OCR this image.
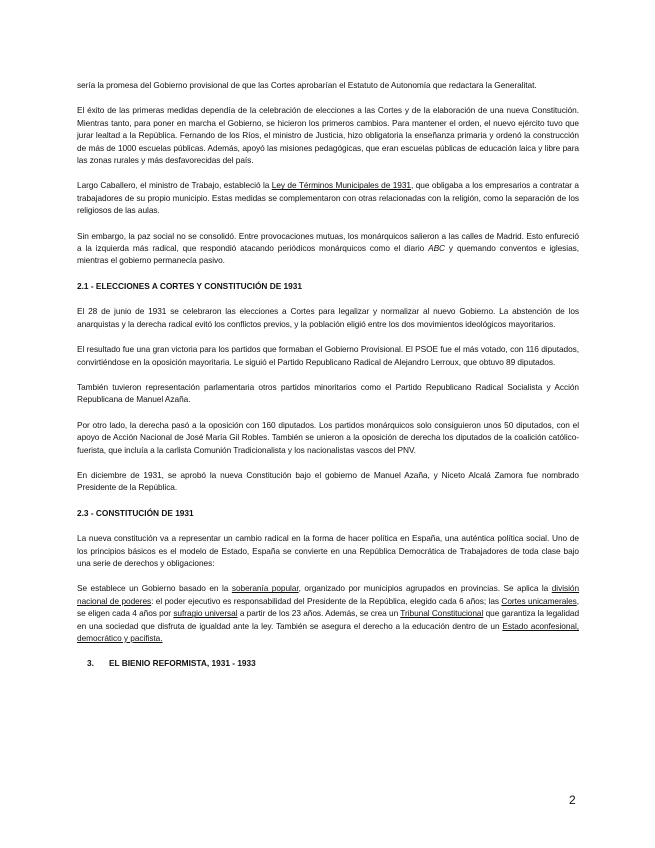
sería la promesa del Gobierno provisional de que las Cortes aprobarían el Estatuto de Autonomía que redactara la Generalitat.

El éxito de las primeras medidas dependía de la celebración de elecciones a las Cortes y de la elaboración de una nueva Constitución. Mientras tanto, para poner en marcha el Gobierno, se hicieron los primeros cambios. Para mantener el orden, el nuevo ejército tuvo que jurar lealtad a la República. Fernando de los Ríos, el ministro de Justicia, hizo obligatoria la enseñanza primaria y ordenó la construcción de más de 1000 escuelas públicas. Además, apoyó las misiones pedagógicas, que eran escuelas públicas de educación laica y libre para las zonas rurales y más desfavorecidas del país.

Largo Caballero, el ministro de Trabajo, estableció la Ley de Términos Municipales de 1931, que obligaba a los empresarios a contratar a trabajadores de su propio municipio. Estas medidas se complementaron con otras relacionadas con la religión, como la separación de los religiosos de las aulas.

Sin embargo, la paz social no se consolidó. Entre provocaciones mutuas, los monárquicos salieron a las calles de Madrid. Esto enfureció a la izquierda más radical, que respondió atacando periódicos monárquicos como el diario ABC y quemando conventos e iglesias, mientras el gobierno permanecía pasivo.

2.1 - ELECCIONES A CORTES Y CONSTITUCIÓN DE 1931

El 28 de junio de 1931 se celebraron las elecciones a Cortes para legalizar y normalizar al nuevo Gobierno. La abstención de los anarquistas y la derecha radical evitó los conflictos previos, y la población eligió entre los dos movimientos ideológicos mayoritarios.

El resultado fue una gran victoria para los partidos que formaban el Gobierno Provisional. El PSOE fue el más votado, con 116 diputados, convirtiéndose en la oposición mayoritaria. Le siguió el Partido Republicano Radical de Alejandro Lerroux, que obtuvo 89 diputados.

También tuvieron representación parlamentaria otros partidos minoritarios como el Partido Republicano Radical Socialista y Acción Republicana de Manuel Azaña.

Por otro lado, la derecha pasó a la oposición con 160 diputados. Los partidos monárquicos solo consiguieron unos 50 diputados, con el apoyo de Acción Nacional de José María Gil Robles. También se unieron a la oposición de derecha los diputados de la coalición católico-fuerista, que incluía a la carlista Comunión Tradicionalista y los nacionalistas vascos del PNV.

En diciembre de 1931, se aprobó la nueva Constitución bajo el gobierno de Manuel Azaña, y Niceto Alcalá Zamora fue nombrado Presidente de la República.

2.3 - CONSTITUCIÓN DE 1931

La nueva constitución va a representar un cambio radical en la forma de hacer política en España, una auténtica política social. Uno de los principios básicos es el modelo de Estado, España se convierte en una República Democrática de Trabajadores de toda clase bajo una serie de derechos y obligaciones:

Se establece un Gobierno basado en la soberanía popular, organizado por municipios agrupados en provincias. Se aplica la división nacional de poderes: el poder ejecutivo es responsabilidad del Presidente de la República, elegido cada 6 años; las Cortes unicamerales, se eligen cada 4 años por sufragio universal a partir de los 23 años. Además, se crea un Tribunal Constitucional que garantiza la legalidad en una sociedad que disfruta de igualdad ante la ley. También se asegura el derecho a la educación dentro de un Estado aconfesional, democrático y pacifista.

3. EL BIENIO REFORMISTA, 1931 - 1933

2
